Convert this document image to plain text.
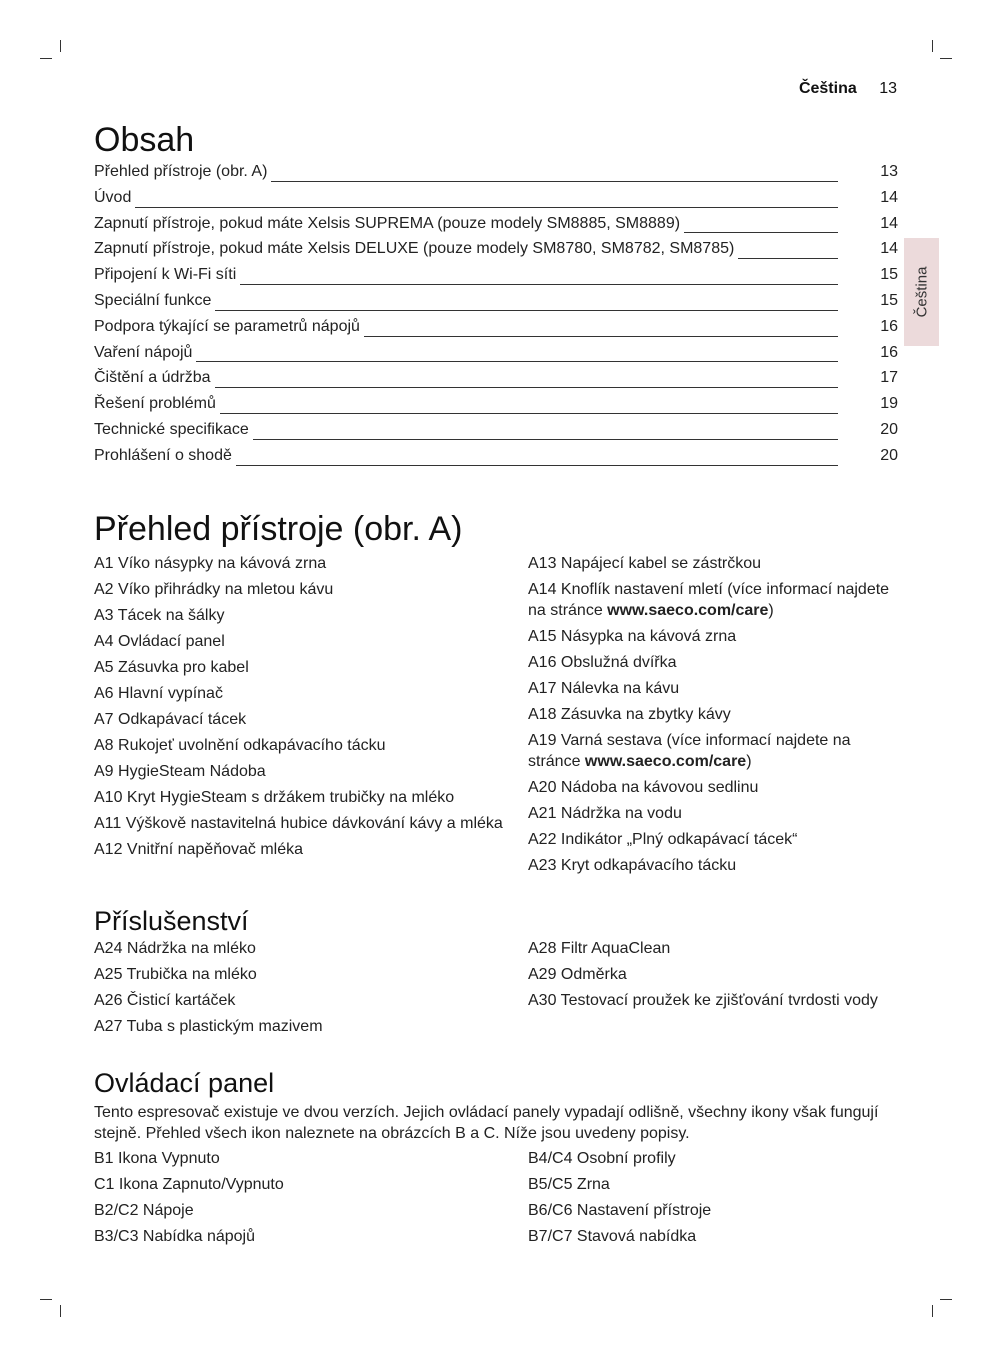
Čeština 13
Čeština
Obsah
Přehled přístroje (obr. A)	13
Úvod	14
Zapnutí přístroje, pokud máte Xelsis SUPREMA (pouze modely SM8885, SM8889)	14
Zapnutí přístroje, pokud máte Xelsis DELUXE (pouze modely SM8780, SM8782, SM8785)	14
Připojení k Wi-Fi síti	15
Speciální funkce	15
Podpora týkající se parametrů nápojů	16
Vaření nápojů	16
Čištění a údržba	17
Řešení problémů	19
Technické specifikace	20
Prohlášení o shodě	20
Přehled přístroje (obr. A)
A1 Víko násypky na kávová zrna
A2 Víko přihrádky na mletou kávu
A3 Tácek na šálky
A4 Ovládací panel
A5 Zásuvka pro kabel
A6 Hlavní vypínač
A7 Odkapávací tácek
A8 Rukojeť uvolnění odkapávacího tácku
A9 HygieSteam Nádoba
A10 Kryt HygieSteam s držákem trubičky na mléko
A11 Výškově nastavitelná hubice dávkování kávy a mléka
A12 Vnitřní napěňovač mléka
A13 Napájecí kabel se zástrčkou
A14 Knoflík nastavení mletí (více informací najdete na stránce www.saeco.com/care)
A15 Násypka na kávová zrna
A16 Obslužná dvířka
A17 Nálevka na kávu
A18 Zásuvka na zbytky kávy
A19 Varná sestava (více informací najdete na stránce www.saeco.com/care)
A20 Nádoba na kávovou sedlinu
A21 Nádržka na vodu
A22 Indikátor „Plný odkapávací tácek“
A23 Kryt odkapávacího tácku
Příslušenství
A24 Nádržka na mléko
A25 Trubička na mléko
A26 Čisticí kartáček
A27 Tuba s plastickým mazivem
A28 Filtr AquaClean
A29 Odměrka
A30 Testovací proužek ke zjišťování tvrdosti vody
Ovládací panel
Tento espresovač existuje ve dvou verzích. Jejich ovládací panely vypadají odlišně, všechny ikony však fungují stejně. Přehled všech ikon naleznete na obrázcích B a C. Níže jsou uvedeny popisy.
B1 Ikona Vypnuto
C1 Ikona Zapnuto/Vypnuto
B2/C2 Nápoje
B3/C3 Nabídka nápojů
B4/C4 Osobní profily
B5/C5 Zrna
B6/C6 Nastavení přístroje
B7/C7 Stavová nabídka
